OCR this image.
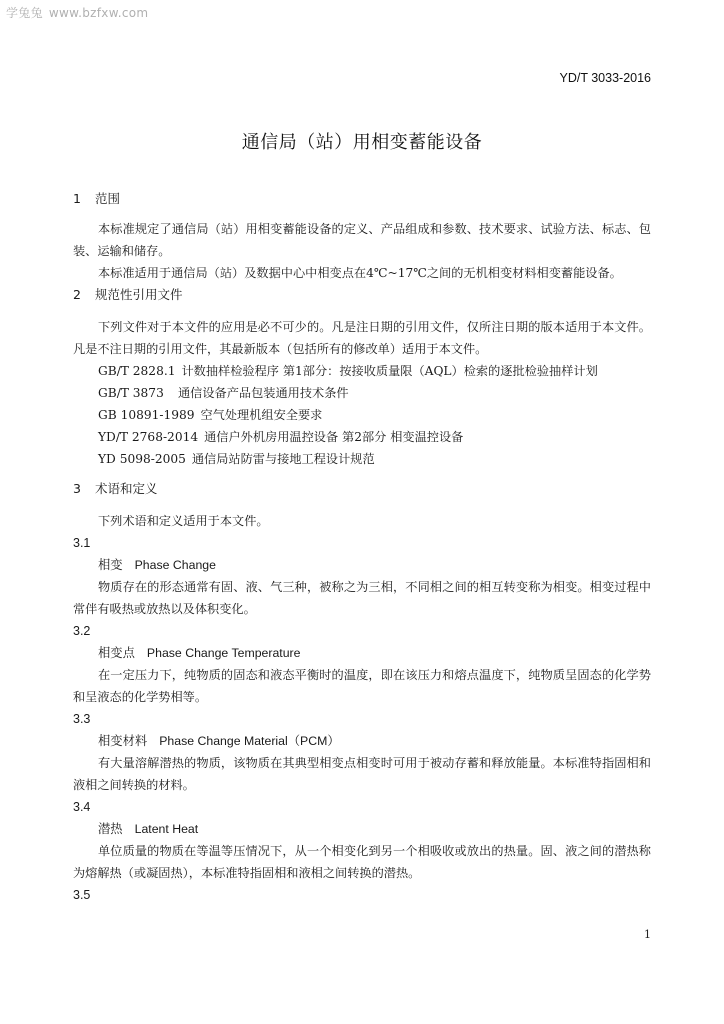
学兔兔 www.bzfxw.com
YD/T 3033-2016
通信局（站）用相变蓄能设备

1 范围

本标准规定了通信局（站）用相变蓄能设备的定义、产品组成和参数、技术要求、试验方法、标志、包装、运输和储存。

本标准适用于通信局（站）及数据中心中相变点在4℃~17℃之间的无机相变材料相变蓄能设备。

2 规范性引用文件

下列文件对于本文件的应用是必不可少的。凡是注日期的引用文件，仅所注日期的版本适用于本文件。凡是不注日期的引用文件，其最新版本（包括所有的修改单）适用于本文件。

GB/T 2828.1 计数抽样检验程序 第1部分：按接收质量限（AQL）检索的逐批检验抽样计划

GB/T 3873 通信设备产品包装通用技术条件

GB 10891-1989 空气处理机组安全要求

YD/T 2768-2014 通信户外机房用温控设备 第2部分 相变温控设备

YD 5098-2005 通信局站防雷与接地工程设计规范

3 术语和定义

下列术语和定义适用于本文件。

3.1

相变 Phase Change

物质存在的形态通常有固、液、气三种，被称之为三相，不同相之间的相互转变称为相变。相变过程中常伴有吸热或放热以及体积变化。

3.2

相变点 Phase Change Temperature

在一定压力下，纯物质的固态和液态平衡时的温度，即在该压力和熔点温度下，纯物质呈固态的化学势和呈液态的化学势相等。

3.3

相变材料 Phase Change Material（PCM）

有大量溶解潜热的物质，该物质在其典型相变点相变时可用于被动存蓄和释放能量。本标准特指固相和液相之间转换的材料。

3.4

潜热 Latent Heat

单位质量的物质在等温等压情况下，从一个相变化到另一个相吸收或放出的热量。固、液之间的潜热称为熔解热（或凝固热），本标准特指固相和液相之间转换的潜热。

3.5

1
